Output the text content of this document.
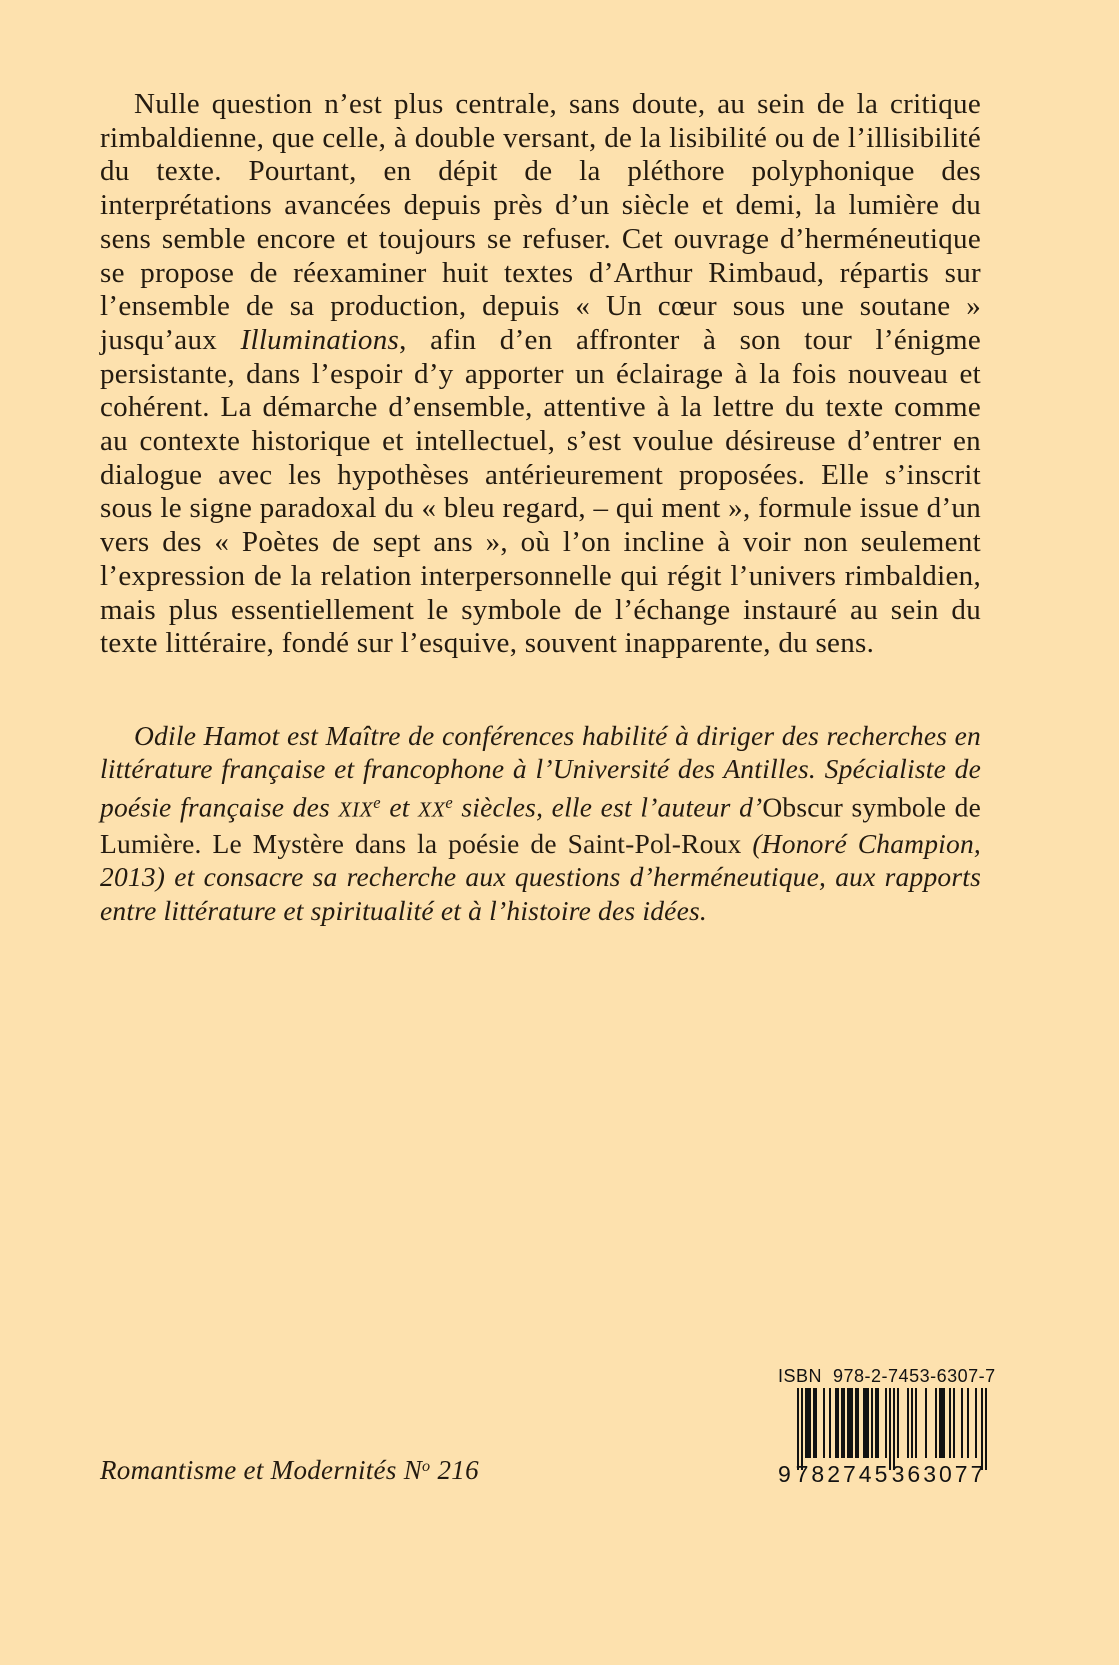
Nulle question n’est plus centrale, sans doute, au sein de la critique rimbaldienne, que celle, à double versant, de la lisibilité ou de l’illisibilité du texte. Pourtant, en dépit de la pléthore polyphonique des interprétations avancées depuis près d’un siècle et demi, la lumière du sens semble encore et toujours se refuser. Cet ouvrage d’herméneutique se propose de réexaminer huit textes d’Arthur Rimbaud, répartis sur l’ensemble de sa production, depuis « Un cœur sous une soutane » jusqu’aux Illuminations, afin d’en affronter à son tour l’énigme persistante, dans l’espoir d’y apporter un éclairage à la fois nouveau et cohérent. La démarche d’ensemble, attentive à la lettre du texte comme au contexte historique et intellectuel, s’est voulue désireuse d’entrer en dialogue avec les hypothèses antérieurement proposées. Elle s’inscrit sous le signe paradoxal du « bleu regard, – qui ment », formule issue d’un vers des « Poètes de sept ans », où l’on incline à voir non seulement l’expression de la relation interpersonnelle qui régit l’univers rimbaldien, mais plus essentiellement le symbole de l’échange instauré au sein du texte littéraire, fondé sur l’esquive, souvent inapparente, du sens.

Odile Hamot est Maître de conférences habilité à diriger des recherches en littérature française et francophone à l’Université des Antilles. Spécialiste de poésie française des XIXe et XXe siècles, elle est l’auteur d’Obscur symbole de Lumière. Le Mystère dans la poésie de Saint-Pol-Roux (Honoré Champion, 2013) et consacre sa recherche aux questions d’herméneutique, aux rapports entre littérature et spiritualité et à l’histoire des idées.

Romantisme et Modernités $N^o$ 216
ISBN  978-2-7453-6307-7
9 782745 363077
